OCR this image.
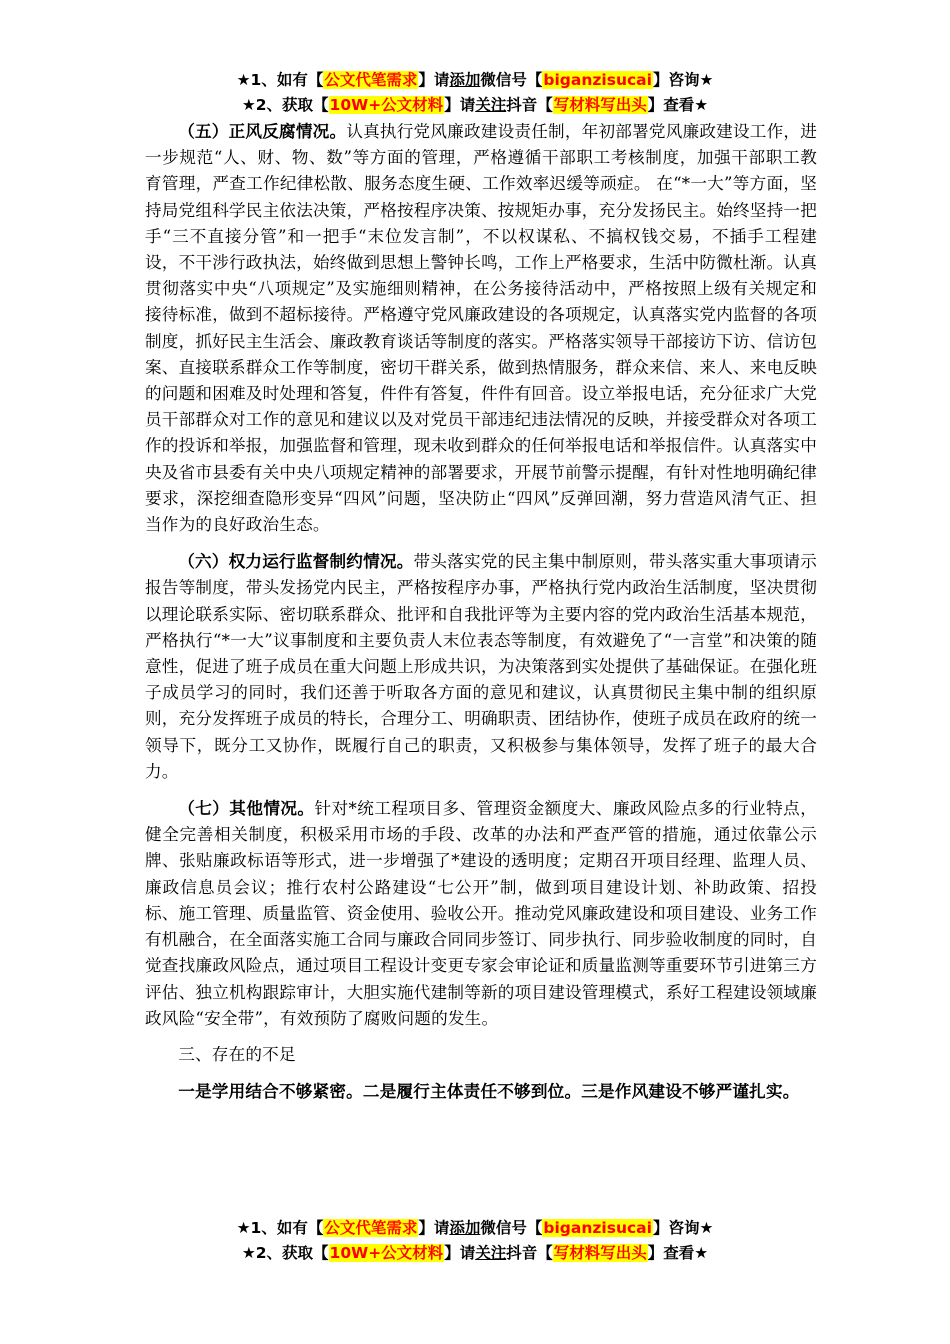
★1、如有【公文代笔需求】请添加微信号【biganzisucai】咨询★
★2、获取【10W+公文材料】请关注抖音【写材料写出头】查看★

（五）正风反腐情况。认真执行党风廉政建设责任制，年初部署党风廉政建设工作，进一步规范“人、财、物、数”等方面的管理，严格遵循干部职工考核制度，加强干部职工教育管理，严查工作纪律松散、服务态度生硬、工作效率迟缓等顽症。 在“*一大”等方面，坚持局党组科学民主依法决策，严格按程序决策、按规矩办事，充分发扬民主。始终坚持一把手“三不直接分管”和一把手“末位发言制”，不以权谋私、不搞权钱交易，不插手工程建设，不干涉行政执法，始终做到思想上警钟长鸣，工作上严格要求，生活中防微杜渐。认真贯彻落实中央“八项规定”及实施细则精神，在公务接待活动中，严格按照上级有关规定和接待标准，做到不超标接待。严格遵守党风廉政建设的各项规定，认真落实党内监督的各项制度，抓好民主生活会、廉政教育谈话等制度的落实。严格落实领导干部接访下访、信访包案、直接联系群众工作等制度，密切干群关系，做到热情服务，群众来信、来人、来电反映的问题和困难及时处理和答复，件件有答复，件件有回音。设立举报电话，充分征求广大党员干部群众对工作的意见和建议以及对党员干部违纪违法情况的反映，并接受群众对各项工作的投诉和举报，加强监督和管理，现未收到群众的任何举报电话和举报信件。认真落实中央及省市县委有关中央八项规定精神的部署要求，开展节前警示提醒，有针对性地明确纪律要求，深挖细查隐形变异“四风”问题，坚决防止“四风”反弹回潮，努力营造风清气正、担当作为的良好政治生态。

（六）权力运行监督制约情况。带头落实党的民主集中制原则，带头落实重大事项请示报告等制度，带头发扬党内民主，严格按程序办事，严格执行党内政治生活制度，坚决贯彻以理论联系实际、密切联系群众、批评和自我批评等为主要内容的党内政治生活基本规范，严格执行“*一大”议事制度和主要负责人末位表态等制度，有效避免了“一言堂”和决策的随意性，促进了班子成员在重大问题上形成共识，为决策落到实处提供了基础保证。在强化班子成员学习的同时，我们还善于听取各方面的意见和建议，认真贯彻民主集中制的组织原则，充分发挥班子成员的特长，合理分工、明确职责、团结协作，使班子成员在政府的统一领导下，既分工又协作，既履行自己的职责，又积极参与集体领导，发挥了班子的最大合力。

（七）其他情况。针对*统工程项目多、管理资金额度大、廉政风险点多的行业特点，健全完善相关制度，积极采用市场的手段、改革的办法和严查严管的措施，通过依靠公示牌、张贴廉政标语等形式，进一步增强了*建设的透明度；定期召开项目经理、监理人员、廉政信息员会议；推行农村公路建设“七公开”制，做到项目建设计划、补助政策、招投标、施工管理、质量监管、资金使用、验收公开。推动党风廉政建设和项目建设、业务工作有机融合，在全面落实施工合同与廉政合同同步签订、同步执行、同步验收制度的同时，自觉查找廉政风险点，通过项目工程设计变更专家会审论证和质量监测等重要环节引进第三方评估、独立机构跟踪审计，大胆实施代建制等新的项目建设管理模式，系好工程建设领域廉政风险“安全带”，有效预防了腐败问题的发生。

三、存在的不足

一是学用结合不够紧密。二是履行主体责任不够到位。三是作风建设不够严谨扎实。

★1、如有【公文代笔需求】请添加微信号【biganzisucai】咨询★
★2、获取【10W+公文材料】请关注抖音【写材料写出头】查看★
